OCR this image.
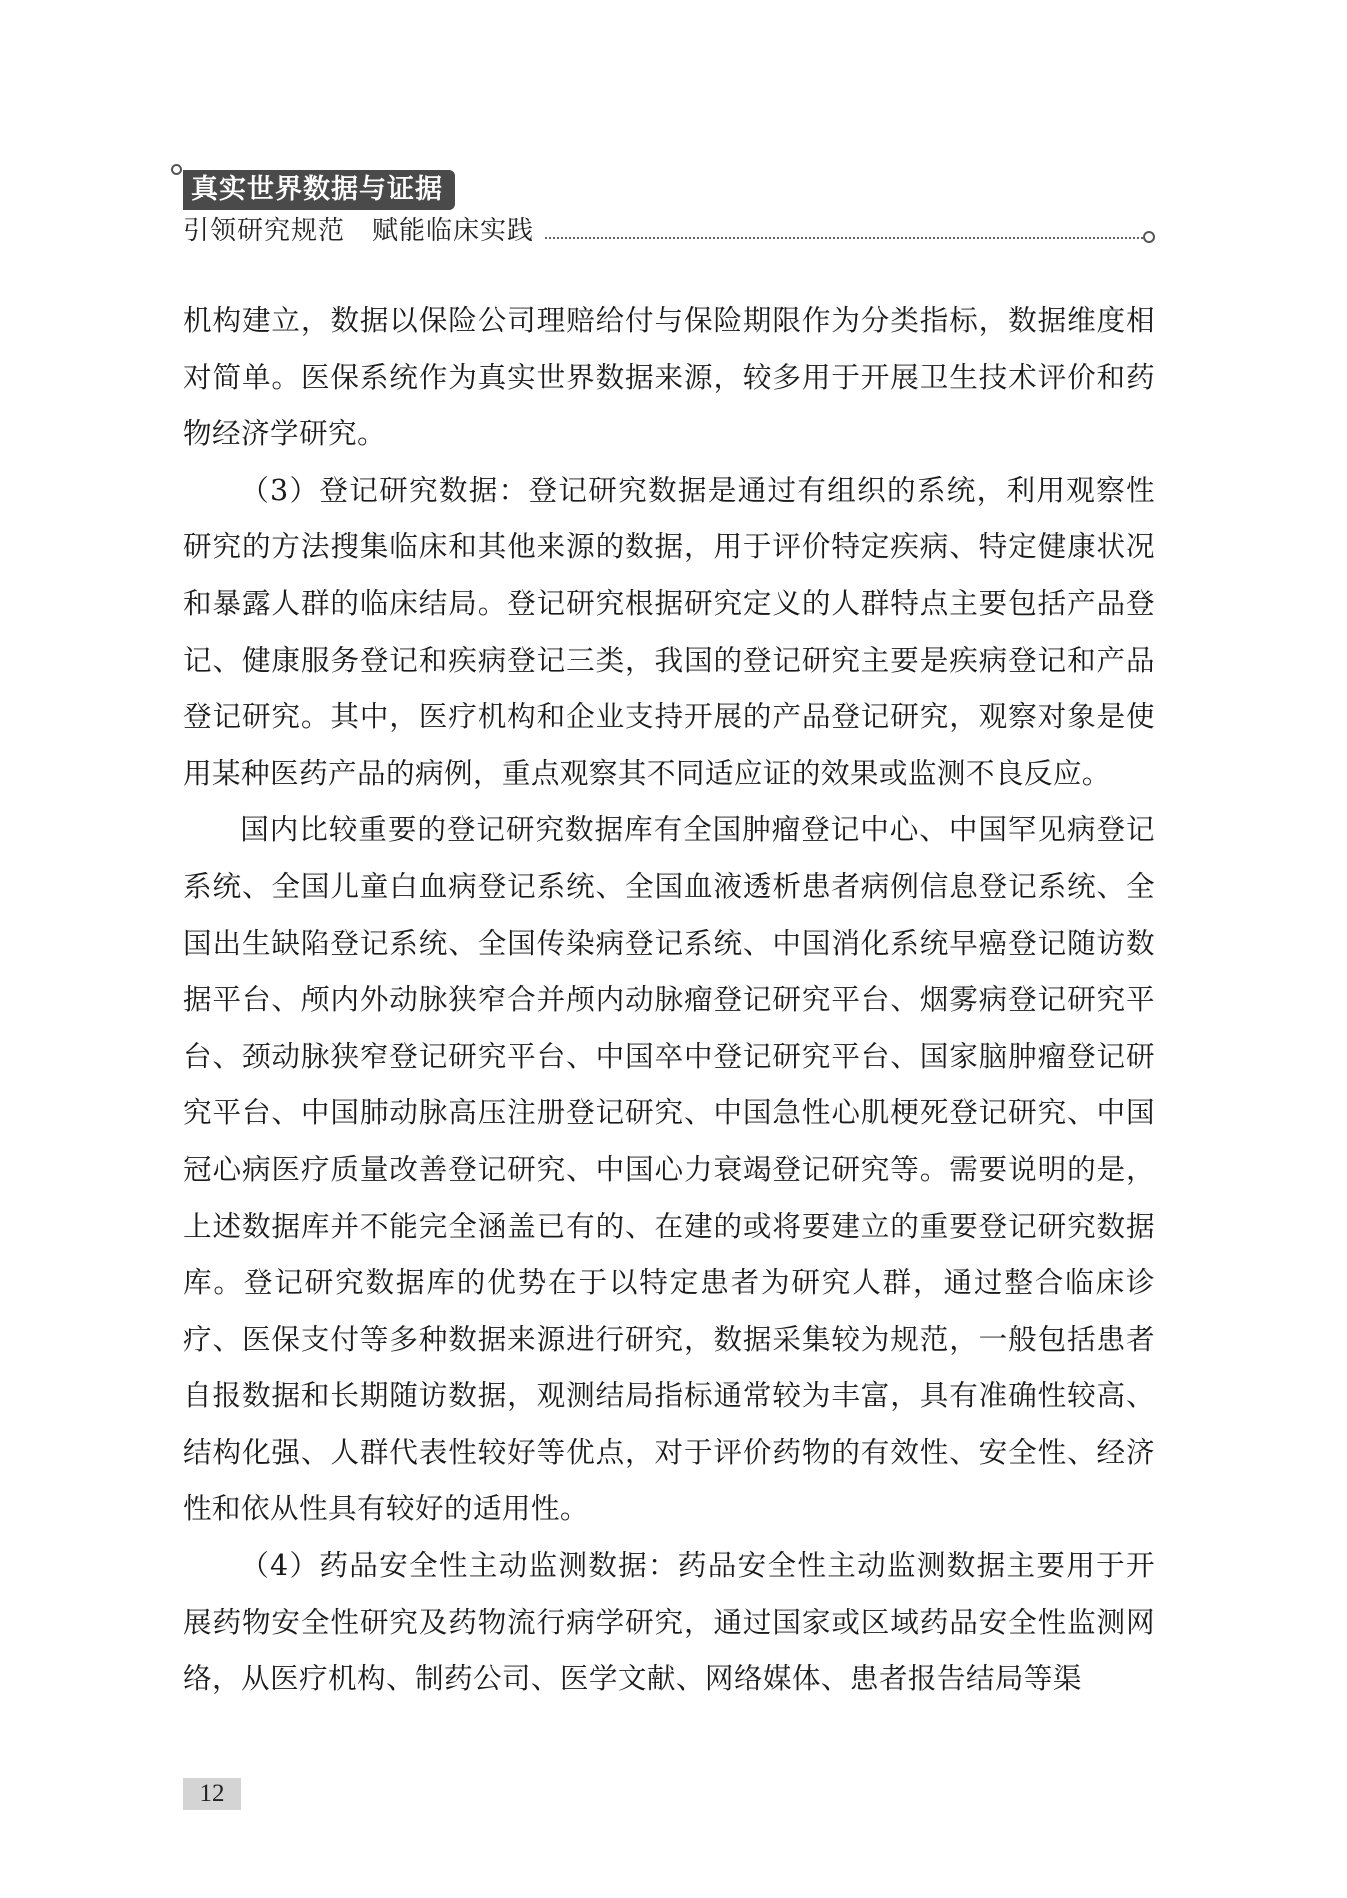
真实世界数据与证据
引领研究规范　赋能临床实践

机构建立，数据以保险公司理赔给付与保险期限作为分类指标，数据维度相对简单。医保系统作为真实世界数据来源，较多用于开展卫生技术评价和药物经济学研究。

（3）登记研究数据：登记研究数据是通过有组织的系统，利用观察性研究的方法搜集临床和其他来源的数据，用于评价特定疾病、特定健康状况和暴露人群的临床结局。登记研究根据研究定义的人群特点主要包括产品登记、健康服务登记和疾病登记三类，我国的登记研究主要是疾病登记和产品登记研究。其中，医疗机构和企业支持开展的产品登记研究，观察对象是使用某种医药产品的病例，重点观察其不同适应证的效果或监测不良反应。

国内比较重要的登记研究数据库有全国肿瘤登记中心、中国罕见病登记系统、全国儿童白血病登记系统、全国血液透析患者病例信息登记系统、全国出生缺陷登记系统、全国传染病登记系统、中国消化系统早癌登记随访数据平台、颅内外动脉狭窄合并颅内动脉瘤登记研究平台、烟雾病登记研究平台、颈动脉狭窄登记研究平台、中国卒中登记研究平台、国家脑肿瘤登记研究平台、中国肺动脉高压注册登记研究、中国急性心肌梗死登记研究、中国冠心病医疗质量改善登记研究、中国心力衰竭登记研究等。需要说明的是，上述数据库并不能完全涵盖已有的、在建的或将要建立的重要登记研究数据库。登记研究数据库的优势在于以特定患者为研究人群，通过整合临床诊疗、医保支付等多种数据来源进行研究，数据采集较为规范，一般包括患者自报数据和长期随访数据，观测结局指标通常较为丰富，具有准确性较高、结构化强、人群代表性较好等优点，对于评价药物的有效性、安全性、经济性和依从性具有较好的适用性。

（4）药品安全性主动监测数据：药品安全性主动监测数据主要用于开展药物安全性研究及药物流行病学研究，通过国家或区域药品安全性监测网络，从医疗机构、制药公司、医学文献、网络媒体、患者报告结局等渠

12
